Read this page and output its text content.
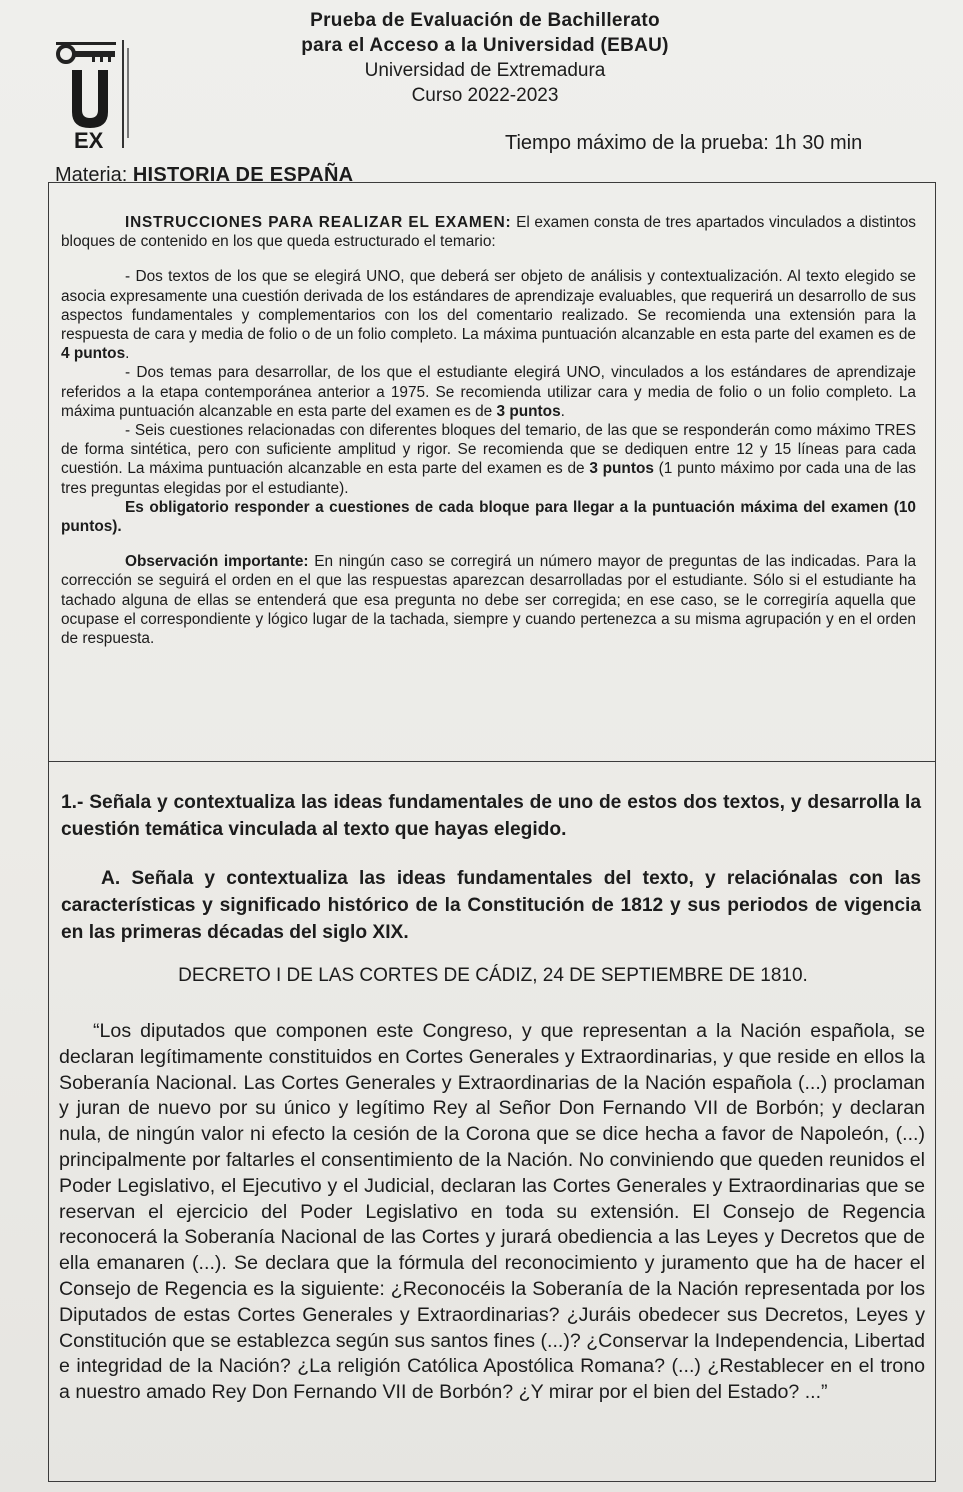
EX
Prueba de Evaluación de Bachillerato
para el Acceso a la Universidad (EBAU)
Universidad de Extremadura
Curso 2022-2023
Tiempo máximo de la prueba: 1h 30 min
Materia: HISTORIA DE ESPAÑA

INSTRUCCIONES PARA REALIZAR EL EXAMEN: El examen consta de tres apartados vinculados a distintos bloques de contenido en los que queda estructurado el temario:

- Dos textos de los que se elegirá UNO, que deberá ser objeto de análisis y contextualización. Al texto elegido se asocia expresamente una cuestión derivada de los estándares de aprendizaje evaluables, que requerirá un desarrollo de sus aspectos fundamentales y complementarios con los del comentario realizado. Se recomienda una extensión para la respuesta de cara y media de folio o de un folio completo. La máxima puntuación alcanzable en esta parte del examen es de 4 puntos.

- Dos temas para desarrollar, de los que el estudiante elegirá UNO, vinculados a los estándares de aprendizaje referidos a la etapa contemporánea anterior a 1975. Se recomienda utilizar cara y media de folio o un folio completo. La máxima puntuación alcanzable en esta parte del examen es de 3 puntos.

- Seis cuestiones relacionadas con diferentes bloques del temario, de las que se responderán como máximo TRES de forma sintética, pero con suficiente amplitud y rigor. Se recomienda que se dediquen entre 12 y 15 líneas para cada cuestión. La máxima puntuación alcanzable en esta parte del examen es de 3 puntos (1 punto máximo por cada una de las tres preguntas elegidas por el estudiante).

Es obligatorio responder a cuestiones de cada bloque para llegar a la puntuación máxima del examen (10 puntos).

Observación importante: En ningún caso se corregirá un número mayor de preguntas de las indicadas. Para la corrección se seguirá el orden en el que las respuestas aparezcan desarrolladas por el estudiante. Sólo si el estudiante ha tachado alguna de ellas se entenderá que esa pregunta no debe ser corregida; en ese caso, se le corregiría aquella que ocupase el correspondiente y lógico lugar de la tachada, siempre y cuando pertenezca a su misma agrupación y en el orden de respuesta.

1.- Señala y contextualiza las ideas fundamentales de uno de estos dos textos, y desarrolla la cuestión temática vinculada al texto que hayas elegido.

A. Señala y contextualiza las ideas fundamentales del texto, y relaciónalas con las características y significado histórico de la Constitución de 1812 y sus periodos de vigencia en las primeras décadas del siglo XIX.

DECRETO I DE LAS CORTES DE CÁDIZ, 24 DE SEPTIEMBRE DE 1810.

“Los diputados que componen este Congreso, y que representan a la Nación española, se declaran legítimamente constituidos en Cortes Generales y Extraordinarias, y que reside en ellos la Soberanía Nacional. Las Cortes Generales y Extraordinarias de la Nación española (...) proclaman y juran de nuevo por su único y legítimo Rey al Señor Don Fernando VII de Borbón; y declaran nula, de ningún valor ni efecto la cesión de la Corona que se dice hecha a favor de Napoleón, (...) principalmente por faltarles el consentimiento de la Nación. No conviniendo que queden reunidos el Poder Legislativo, el Ejecutivo y el Judicial, declaran las Cortes Generales y Extraordinarias que se reservan el ejercicio del Poder Legislativo en toda su extensión. El Consejo de Regencia reconocerá la Soberanía Nacional de las Cortes y jurará obediencia a las Leyes y Decretos que de ella emanaren (...). Se declara que la fórmula del reconocimiento y juramento que ha de hacer el Consejo de Regencia es la siguiente: ¿Reconocéis la Soberanía de la Nación representada por los Diputados de estas Cortes Generales y Extraordinarias? ¿Juráis obedecer sus Decretos, Leyes y Constitución que se establezca según sus santos fines (...)? ¿Conservar la Independencia, Libertad e integridad de la Nación? ¿La religión Católica Apostólica Romana? (...) ¿Restablecer en el trono a nuestro amado Rey Don Fernando VII de Borbón? ¿Y mirar por el bien del Estado? ...”
